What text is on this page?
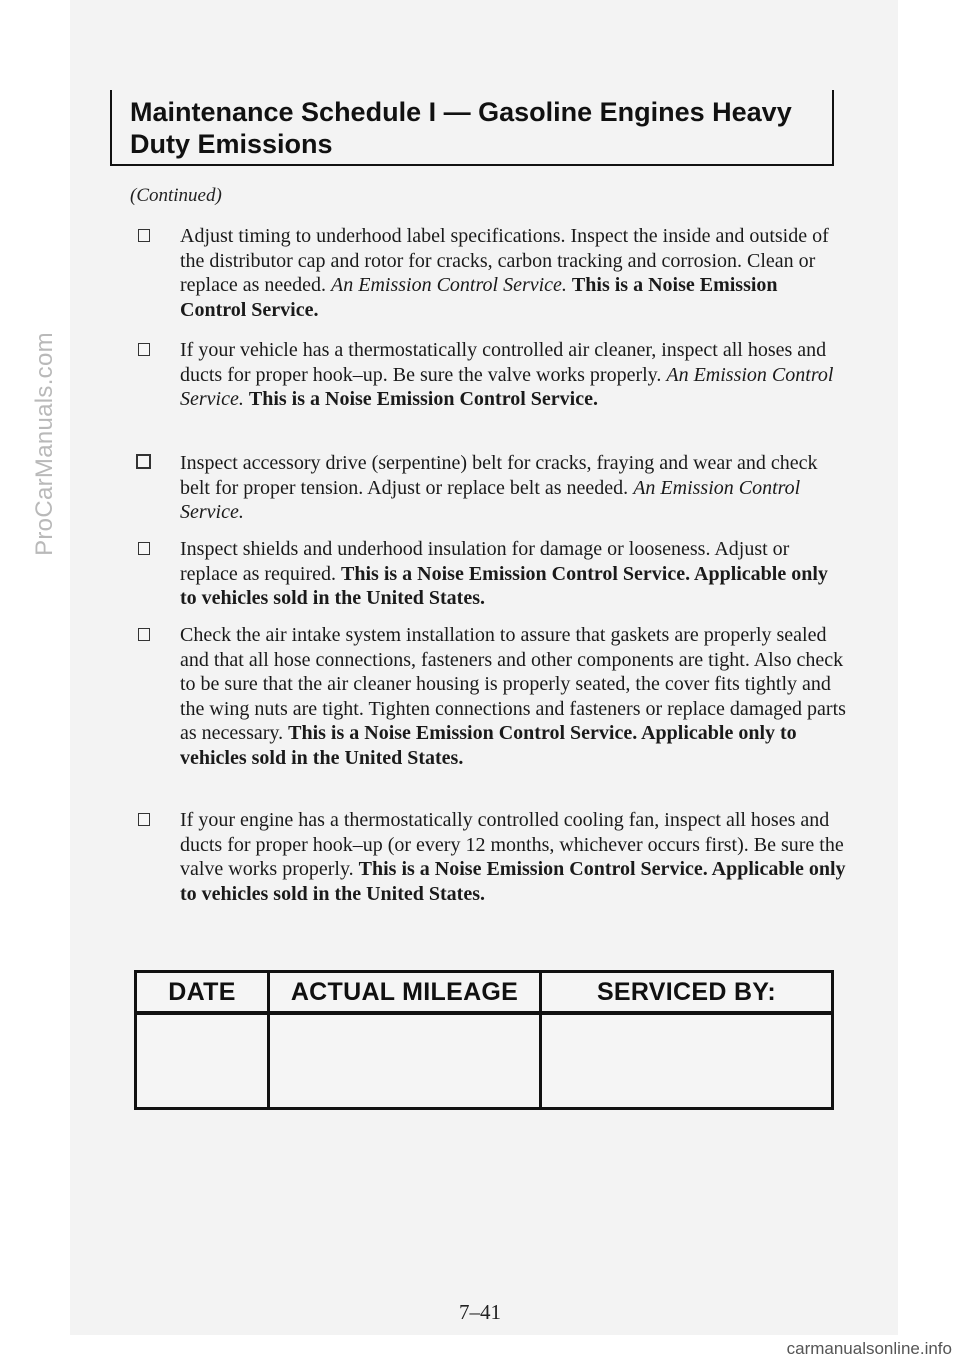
ProCarManuals.com
Maintenance Schedule I — Gasoline Engines Heavy Duty Emissions
(Continued)
Adjust timing to underhood label specifications. Inspect the inside and outside of the distributor cap and rotor for cracks, carbon tracking and corrosion. Clean or replace as needed. An Emission Control Service. This is a Noise Emission Control Service.
If your vehicle has a thermostatically controlled air cleaner, inspect all hoses and ducts for proper hook–up. Be sure the valve works properly. An Emission Control Service. This is a Noise Emission Control Service.
Inspect accessory drive (serpentine) belt for cracks, fraying and wear and check belt for proper tension. Adjust or replace belt as needed. An Emission Control Service.
Inspect shields and underhood insulation for damage or looseness. Adjust or replace as required. This is a Noise Emission Control Service. Applicable only to vehicles sold in the United States.
Check the air intake system installation to assure that gaskets are properly sealed and that all hose connections, fasteners and other components are tight. Also check to be sure that the air cleaner housing is properly seated, the cover fits tightly and the wing nuts are tight. Tighten connections and fasteners or replace damaged parts as necessary. This is a Noise Emission Control Service. Applicable only to vehicles sold in the United States.
If your engine has a thermostatically controlled cooling fan, inspect all hoses and ducts for proper hook–up (or every 12 months, whichever occurs first). Be sure the valve works properly. This is a Noise Emission Control Service. Applicable only to vehicles sold in the United States.
DATE	ACTUAL MILEAGE	SERVICED BY:

7–41
carmanualsonline.info
